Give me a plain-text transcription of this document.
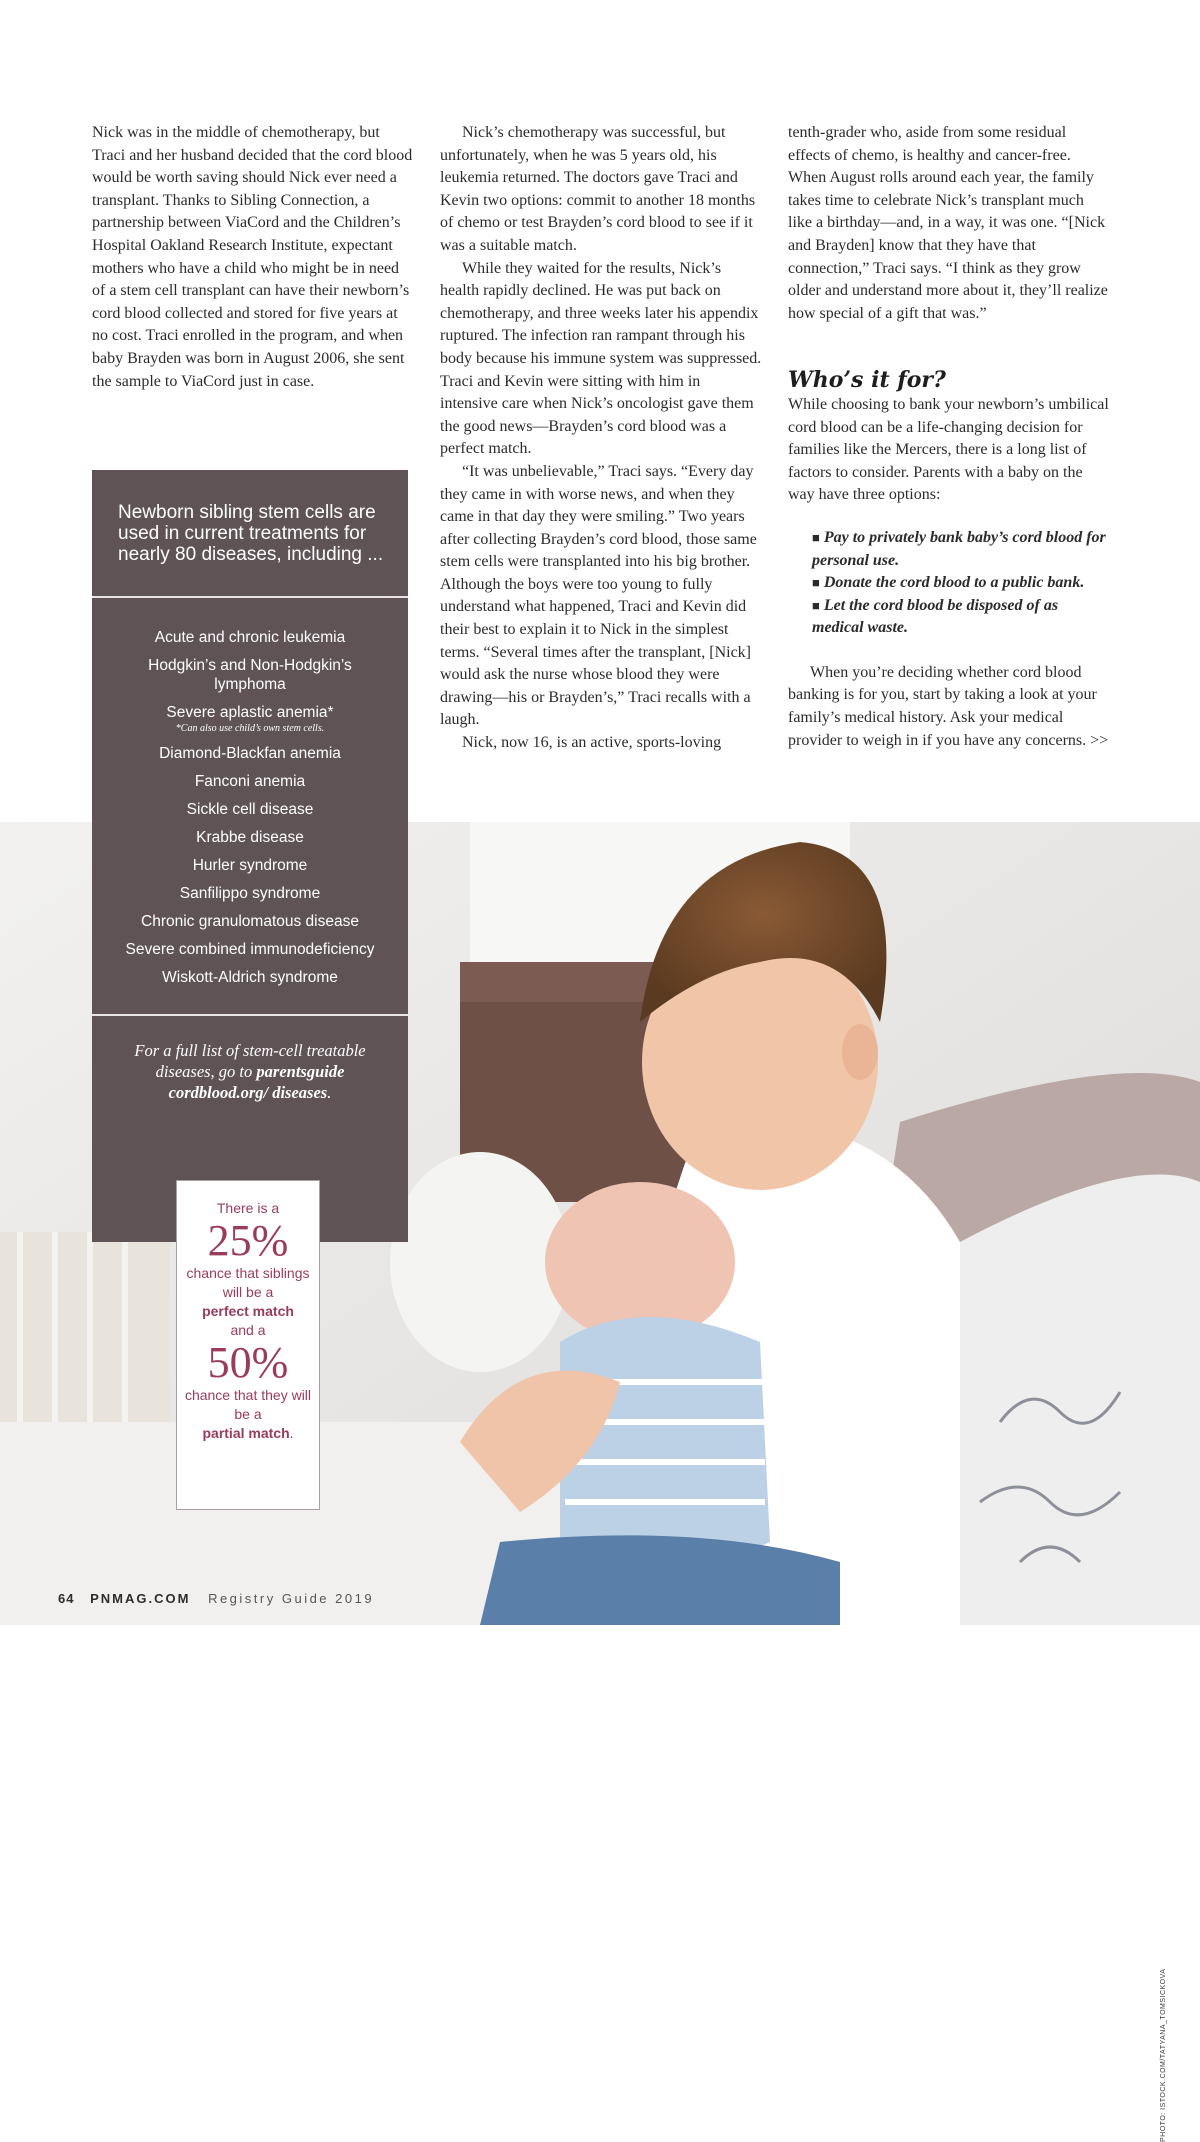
Nick was in the middle of chemotherapy, but Traci and her husband decided that the cord blood would be worth saving should Nick ever need a transplant. Thanks to Sibling Connection, a partnership between ViaCord and the Children’s Hospital Oakland Research Institute, expectant mothers who have a child who might be in need of a stem cell transplant can have their newborn’s cord blood collected and stored for five years at no cost. Traci enrolled in the program, and when baby Brayden was born in August 2006, she sent the sample to ViaCord just in case.

Nick’s chemotherapy was successful, but unfortunately, when he was 5 years old, his leukemia returned. The doctors gave Traci and Kevin two options: commit to another 18 months of chemo or test Brayden’s cord blood to see if it was a suitable match.

While they waited for the results, Nick’s health rapidly declined. He was put back on chemotherapy, and three weeks later his appendix ruptured. The infection ran rampant through his body because his immune system was suppressed. Traci and Kevin were sitting with him in intensive care when Nick’s oncologist gave them the good news—Brayden’s cord blood was a perfect match.

“It was unbelievable,” Traci says. “Every day they came in with worse news, and when they came in that day they were smiling.” Two years after collecting Brayden’s cord blood, those same stem cells were transplanted into his big brother. Although the boys were too young to fully understand what happened, Traci and Kevin did their best to explain it to Nick in the simplest terms. “Several times after the transplant, [Nick] would ask the nurse whose blood they were drawing—his or Brayden’s,” Traci recalls with a laugh.

Nick, now 16, is an active, sports-loving

tenth-grader who, aside from some residual effects of chemo, is healthy and cancer-free. When August rolls around each year, the family takes time to celebrate Nick’s transplant much like a birthday—and, in a way, it was one. “[Nick and Brayden] know that they have that connection,” Traci says. “I think as they grow older and understand more about it, they’ll realize how special of a gift that was.”

Who’s it for?

While choosing to bank your newborn’s umbilical cord blood can be a life-changing decision for families like the Mercers, there is a long list of factors to consider. Parents with a baby on the way have three options:

■ Pay to privately bank baby’s cord blood for personal use.
■ Donate the cord blood to a public bank.
■ Let the cord blood be disposed of as medical waste.

When you’re deciding whether cord blood banking is for you, start by taking a look at your family’s medical history. Ask your medical provider to weigh in if you have any concerns. >>

PHOTO: ISTOCK.COM/TATYANA_TOMSICKOVA
Newborn sibling stem cells are used in current treatments for nearly 80 diseases, including ...
Acute and chronic leukemia
Hodgkin’s and Non-Hodgkin’s lymphoma
Severe aplastic anemia*
*Can also use child’s own stem cells.
Diamond-Blackfan anemia
Fanconi anemia
Sickle cell disease
Krabbe disease
Hurler syndrome
Sanfilippo syndrome
Chronic granulomatous disease
Severe combined immunodeficiency
Wiskott-Aldrich syndrome
For a full list of stem-cell treatable diseases, go to parentsguide cordblood.org/ diseases.
There is a
25%
chance that siblings will be a
perfect match
and a
50%
chance that they will be a
partial match.
64 PNMAG.COM Registry Guide 2019
